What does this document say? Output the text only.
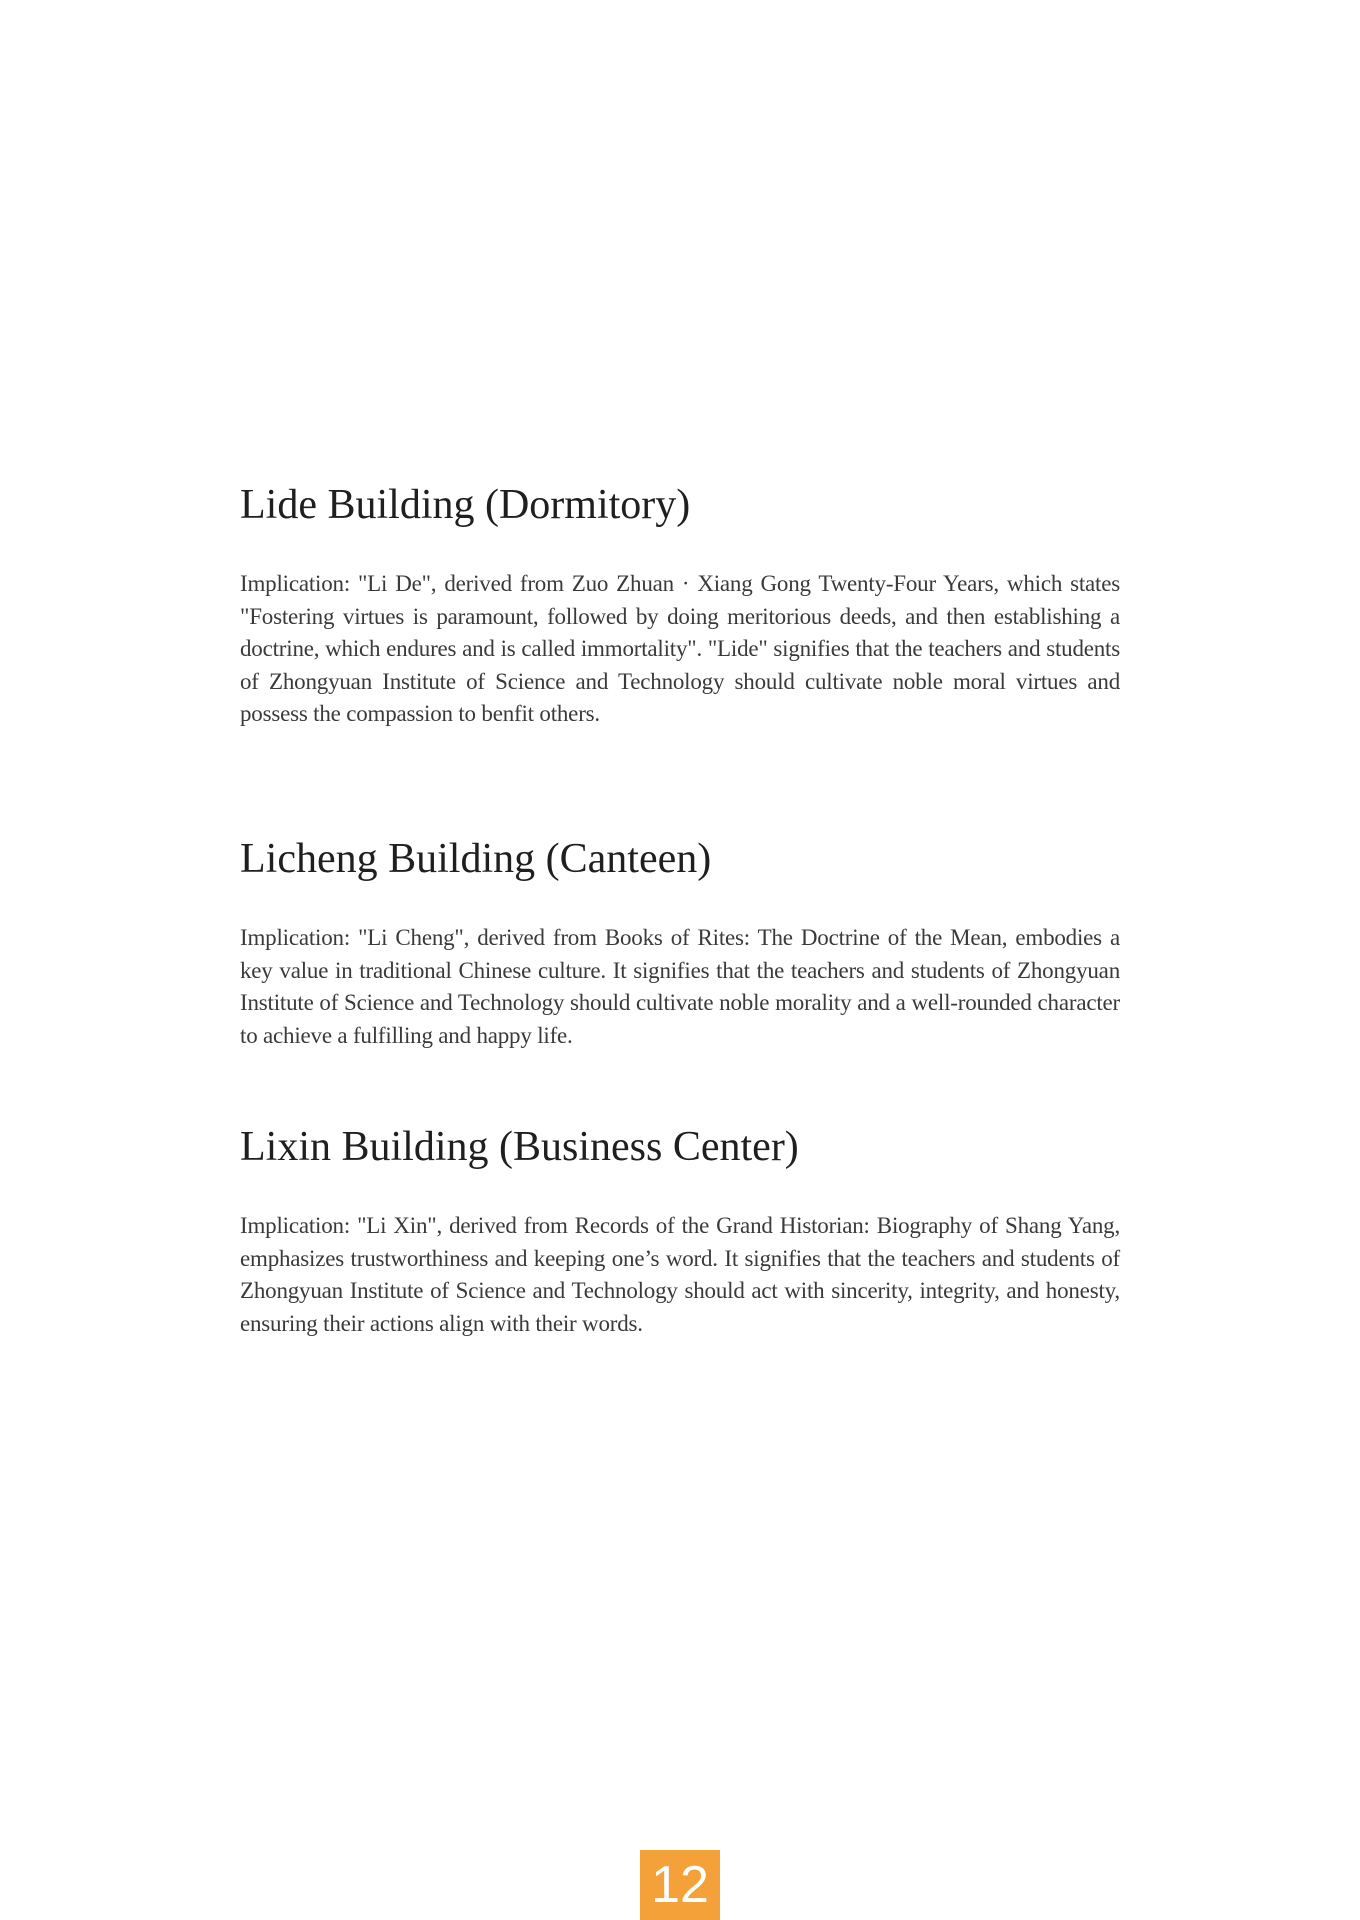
Lide Building (Dormitory)

Implication: "Li De", derived from Zuo Zhuan · Xiang Gong Twenty-Four Years, which states "Fostering virtues is paramount, followed by doing meritorious deeds, and then establishing a doctrine, which endures and is called immortality". "Lide" signifies that the teachers and students of Zhongyuan Institute of Science and Technology should cultivate noble moral virtues and possess the compassion to benfit others.

Licheng Building (Canteen)

Implication: "Li Cheng", derived from Books of Rites: The Doctrine of the Mean, embodies a key value in traditional Chinese culture. It signifies that the teachers and students of Zhongyuan Institute of Science and Technology should cultivate noble morality and a well-rounded character to achieve a fulfilling and happy life.

Lixin Building (Business Center)

Implication: "Li Xin", derived from Records of the Grand Historian: Biography of Shang Yang, emphasizes trustworthiness and keeping one’s word. It signifies that the teachers and students of Zhongyuan Institute of Science and Technology should act with sincerity, integrity, and honesty, ensuring their actions align with their words.

12
